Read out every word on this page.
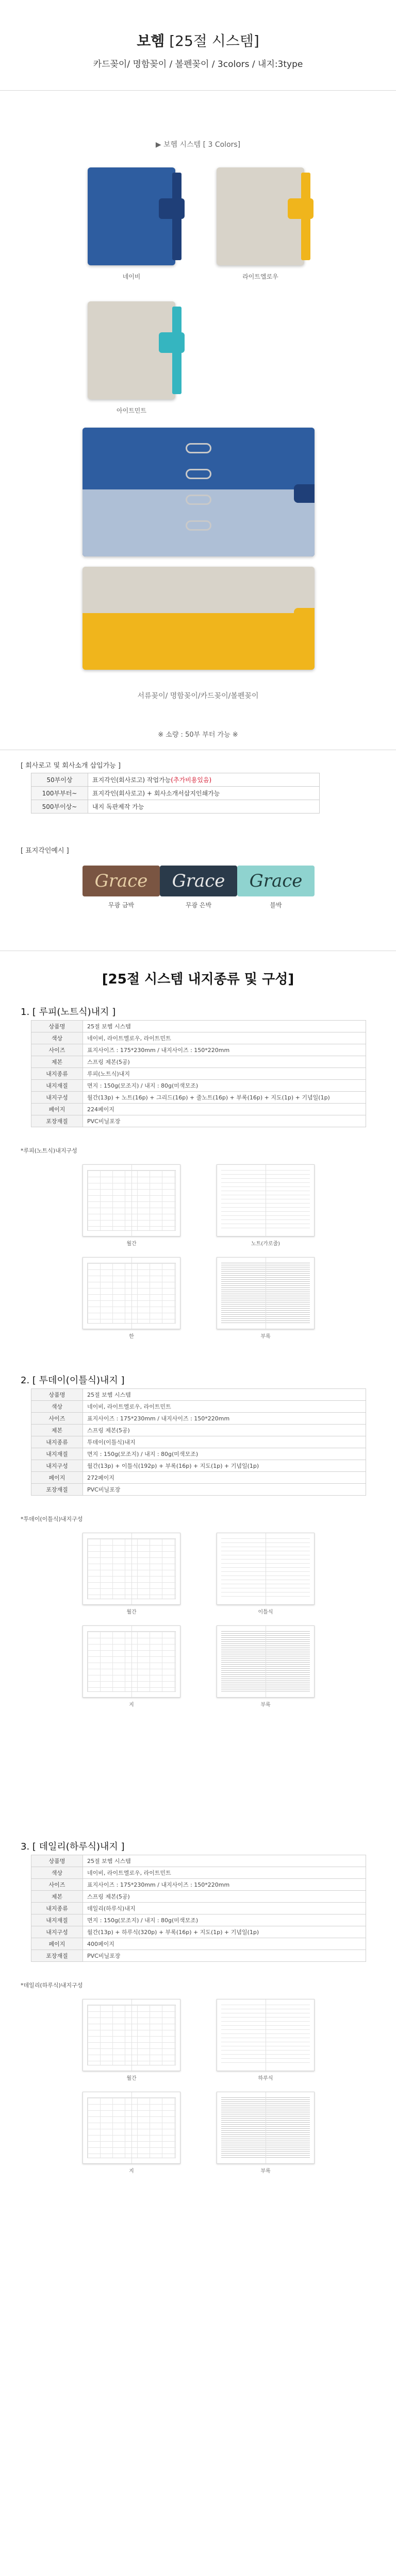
보헴 [25절 시스템]
카드꽂이/ 명함꽂이 / 볼펜꽂이 / 3colors / 내지:3type
▶ 보헴 시스템 [ 3 Colors]
네이비	라이트엘로우
아이트민트
서류꽂이/ 명함꽂이/카드꽂이/볼펜꽂이
※ 소량 : 50부 부터 가능 ※
[ 회사로고 및 회사소개 삽입가능 ]
50부이상	표지각인(회사로고) 작업가능(추가비용있음)
100부부터~	표지각인(회사로고) + 회사소개서삽지인쇄가능
500부이상~	내지 독판제작 가능
[ 표지각인예시 ]
Grace
무광 금박
Grace
무광 은박
Grace
블박
[25절 시스템 내지종류 및 구성]
1. [ 루피(노트식)내지 ]
상품명	25절 보헴 시스템
색상	네이비, 라이트엘로우, 라이트민트
사이즈	표지사이즈 : 175*230mm / 내지사이즈 : 150*220mm
제본	스프링 제본(5공)
내지종류	루피(노트식)내지
내지재질	면지 : 150g(모조지) / 내지 : 80g(미색모조)
내지구성	월간(13p) + 노트(16p) + 그리드(16p) + 줄노트(16p) + 부록(16p) + 지도(1p) + 기념일(1p)
페이지	224페이지
포장재질	PVC비닐포장
*루피(노트식)내지구성
월간	노트(가로줄)
한	부록
2. [ 투데이(이틀식)내지 ]
상품명	25절 보헴 시스템
색상	네이비, 라이트엘로우, 라이트민트
사이즈	표지사이즈 : 175*230mm / 내지사이즈 : 150*220mm
제본	스프링 제본(5공)
내지종류	투데이(이틀식)내지
내지재질	면지 : 150g(모조지) / 내지 : 80g(미색모조)
내지구성	월간(13p) + 이틀식(192p) + 부록(16p) + 지도(1p) + 기념일(1p)
페이지	272페이지
포장재질	PVC비닐포장
*투데이(이틀식)내지구성
월간	이틀식
지	부록
3. [ 데일리(하루식)내지 ]
상품명	25절 보헴 시스템
색상	네이비, 라이트엘로우, 라이트민트
사이즈	표지사이즈 : 175*230mm / 내지사이즈 : 150*220mm
제본	스프링 제본(5공)
내지종류	데일리(하루식)내지
내지재질	면지 : 150g(모조지) / 내지 : 80g(미색모조)
내지구성	월간(13p) + 하루식(320p) + 부록(16p) + 지도(1p) + 기념일(1p)
페이지	400페이지
포장재질	PVC비닐포장
*데일리(하루식)내지구성
월간	하루식
지	부록
